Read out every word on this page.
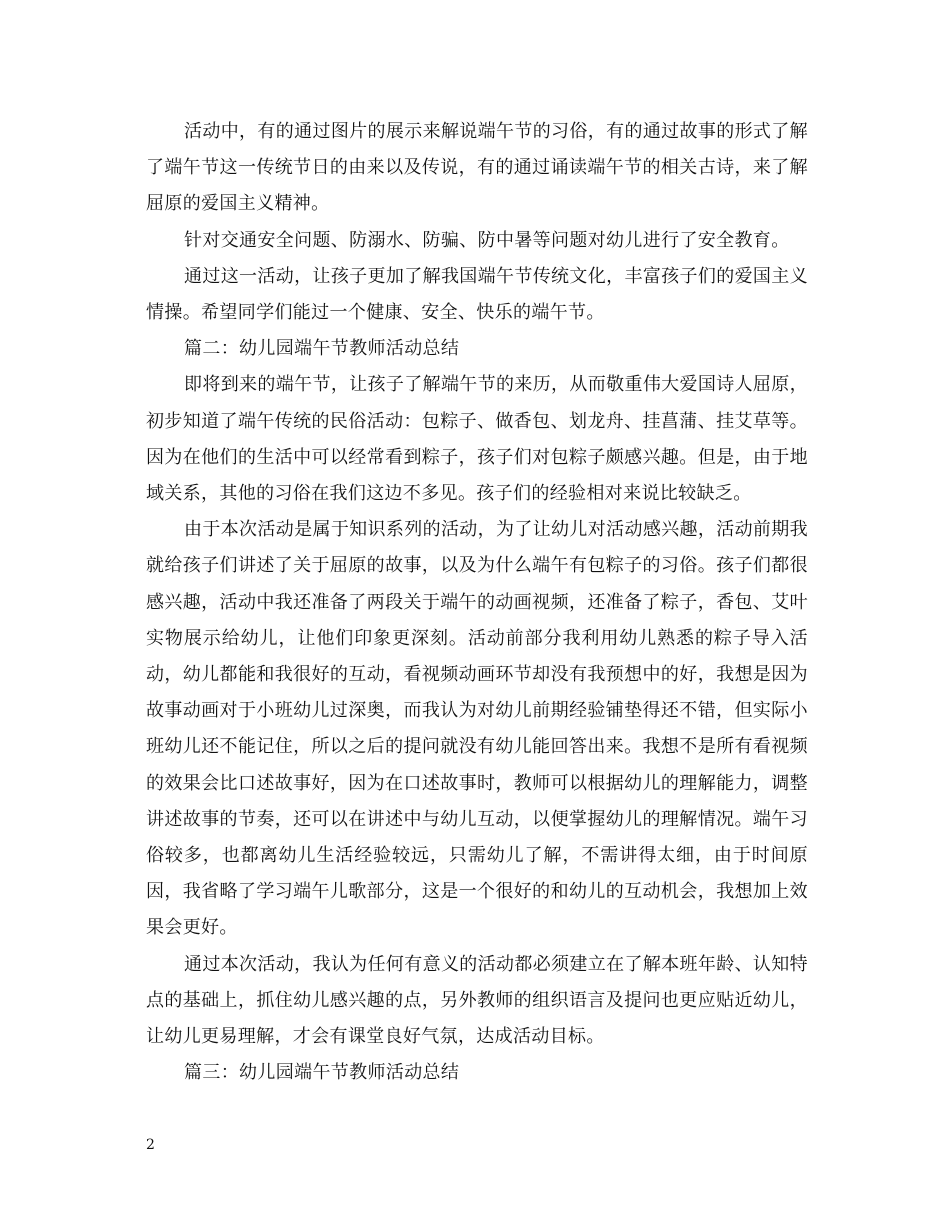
活动中，有的通过图片的展示来解说端午节的习俗，有的通过故事的形式了解了端午节这一传统节日的由来以及传说，有的通过诵读端午节的相关古诗，来了解屈原的爱国主义精神。

针对交通安全问题、防溺水、防骗、防中暑等问题对幼儿进行了安全教育。

通过这一活动，让孩子更加了解我国端午节传统文化，丰富孩子们的爱国主义情操。希望同学们能过一个健康、安全、快乐的端午节。

篇二：幼儿园端午节教师活动总结

即将到来的端午节，让孩子了解端午节的来历，从而敬重伟大爱国诗人屈原，初步知道了端午传统的民俗活动：包粽子、做香包、划龙舟、挂菖蒲、挂艾草等。因为在他们的生活中可以经常看到粽子，孩子们对包粽子颇感兴趣。但是，由于地域关系，其他的习俗在我们这边不多见。孩子们的经验相对来说比较缺乏。

由于本次活动是属于知识系列的活动，为了让幼儿对活动感兴趣，活动前期我就给孩子们讲述了关于屈原的故事，以及为什么端午有包粽子的习俗。孩子们都很感兴趣，活动中我还准备了两段关于端午的动画视频，还准备了粽子，香包、艾叶实物展示给幼儿，让他们印象更深刻。活动前部分我利用幼儿熟悉的粽子导入活动，幼儿都能和我很好的互动，看视频动画环节却没有我预想中的好，我想是因为故事动画对于小班幼儿过深奥，而我认为对幼儿前期经验铺垫得还不错，但实际小班幼儿还不能记住，所以之后的提问就没有幼儿能回答出来。我想不是所有看视频的效果会比口述故事好，因为在口述故事时，教师可以根据幼儿的理解能力，调整讲述故事的节奏，还可以在讲述中与幼儿互动，以便掌握幼儿的理解情况。端午习俗较多，也都离幼儿生活经验较远，只需幼儿了解，不需讲得太细，由于时间原因，我省略了学习端午儿歌部分，这是一个很好的和幼儿的互动机会，我想加上效果会更好。

通过本次活动，我认为任何有意义的活动都必须建立在了解本班年龄、认知特点的基础上，抓住幼儿感兴趣的点，另外教师的组织语言及提问也更应贴近幼儿，让幼儿更易理解，才会有课堂良好气氛，达成活动目标。

篇三：幼儿园端午节教师活动总结

2
